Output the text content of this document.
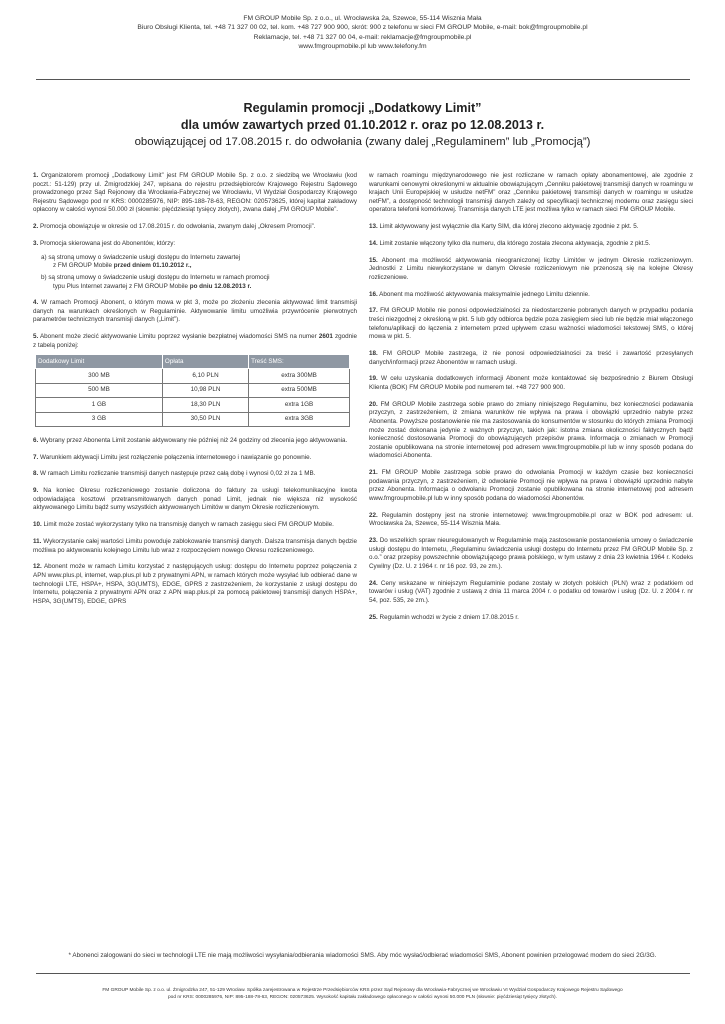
FM GROUP Mobile Sp. z o.o., ul. Wrocławska 2a, Szewce, 55-114 Wisznia Mała
Biuro Obsługi Klienta, tel. +48 71 327 00 02, tel. kom. +48 727 900 900, skrót: 900 z telefonu w sieci FM GROUP Mobile, e-mail: bok@fmgroupmobile.pl
Reklamacje, tel. +48 71 327 00 04, e-mail: reklamacje@fmgroupmobile.pl
www.fmgroupmobile.pl lub www.telefony.fm
Regulamin promocji „Dodatkowy Limit”
dla umów zawartych przed 01.10.2012 r. oraz po 12.08.2013 r.
obowiązującej od 17.08.2015 r. do odwołania (zwany dalej „Regulaminem” lub „Promocją”)

1. Organizatorem promocji „Dodatkowy Limit” jest FM GROUP Mobile Sp. z o.o. z siedzibą we Wrocławiu (kod poczt.: 51-129) przy ul. Żmigrodzkiej 247, wpisana do rejestru przedsiębiorców Krajowego Rejestru Sądowego prowadzonego przez Sąd Rejonowy dla Wrocławia-Fabrycznej we Wrocławiu, VI Wydział Gospodarczy Krajowego Rejestru Sądowego pod nr KRS: 0000285976, NIP: 895-188-78-63, REGON: 020573625, której kapitał zakładowy opłacony w całości wynosi 50.000 zł (słownie: pięćdziesiąt tysięcy złotych), zwana dalej „FM GROUP Mobile”.

2. Promocja obowiązuje w okresie od 17.08.2015 r. do odwołania, zwanym dalej „Okresem Promocji”.

3. Promocja skierowana jest do Abonentów, którzy:

a) są stroną umowy o świadczenie usługi dostępu do Internetu zawartej
z FM GROUP Mobile przed dniem 01.10.2012 r.,

b) są stroną umowy o świadczenie usługi dostępu do Internetu w ramach promocji
typu Plus Internet zawartej z FM GROUP Mobile po dniu 12.08.2013 r.

4. W ramach Promocji Abonent, o którym mowa w pkt 3, może po złożeniu zlecenia aktywować limit transmisji danych na warunkach określonych w Regulaminie. Aktywowanie limitu umożliwia przywrócenie pierwotnych parametrów technicznych transmisji danych („Limit”).

5. Abonent może zlecić aktywowanie Limitu poprzez wysłanie bezpłatnej wiadomości SMS na numer 2601 zgodnie z tabelą poniżej:

Dodatkowy Limit	Opłata	Treść SMS:
300 MB	6,10 PLN	extra 300MB
500 MB	10,98 PLN	extra 500MB
1 GB	18,30 PLN	extra 1GB
3 GB	30,50 PLN	extra 3GB

6. Wybrany przez Abonenta Limit zostanie aktywowany nie później niż 24 godziny od zlecenia jego aktywowania.

7. Warunkiem aktywacji Limitu jest rozłączenie połączenia internetowego i nawiązanie go ponownie.

8. W ramach Limitu rozliczanie transmisji danych następuje przez całą dobę i wynosi 0,02 zł za 1 MB.

9. Na koniec Okresu rozliczeniowego zostanie doliczona do faktury za usługi telekomunikacyjne kwota odpowiadająca kosztowi przetransmitowanych danych ponad Limit, jednak nie większa niż wysokość aktywowanego Limitu bądź sumy wszystkich aktywowanych Limitów w danym Okresie rozliczeniowym.

10. Limit może zostać wykorzystany tylko na transmisję danych w ramach zasięgu sieci FM GROUP Mobile.

11. Wykorzystanie całej wartości Limitu powoduje zablokowanie transmisji danych. Dalsza transmisja danych będzie możliwa po aktywowaniu kolejnego Limitu lub wraz z rozpoczęciem nowego Okresu rozliczeniowego.

12. Abonent może w ramach Limitu korzystać z następujących usług: dostępu do Internetu poprzez połączenia z APN www.plus.pl, internet, wap.plus.pl lub z prywatnymi APN, w ramach których może wysyłać lub odbierać dane w technologii LTE, HSPA+, HSPA, 3G(UMTS), EDGE, GPRS z zastrzeżeniem, że korzystanie z usługi dostępu do Internetu, połączenia z prywatnymi APN oraz z APN wap.plus.pl za pomocą pakietowej transmisji danych HSPA+, HSPA, 3G(UMTS), EDGE, GPRS

w ramach roamingu międzynarodowego nie jest rozliczane w ramach opłaty abonamentowej, ale zgodnie z warunkami cenowymi określonymi w aktualnie obowiązującym „Cenniku pakietowej transmisji danych w roamingu w krajach Unii Europejskiej w usłudze netFM” oraz „Cenniku pakietowej transmisji danych w roamingu w usłudze netFM”, a dostępność technologii transmisji danych zależy od specyfikacji technicznej modemu oraz zasięgu sieci operatora telefonii komórkowej. Transmisja danych LTE jest możliwa tylko w ramach sieci FM GROUP Mobile.

13. Limit aktywowany jest wyłącznie dla Karty SIM, dla której zlecono aktywację zgodnie z pkt. 5.

14. Limit zostanie włączony tylko dla numeru, dla którego została zlecona aktywacja, zgodnie z pkt.5.

15. Abonent ma możliwość aktywowania nieograniczonej liczby Limitów w jednym Okresie rozliczeniowym. Jednostki z Limitu niewykorzystane w danym Okresie rozliczeniowym nie przenoszą się na kolejne Okresy rozliczeniowe.

16. Abonent ma możliwość aktywowania maksymalnie jednego Limitu dziennie.

17. FM GROUP Mobile nie ponosi odpowiedzialności za niedostarczenie pobranych danych w przypadku podania treści niezgodnej z określoną w pkt. 5 lub gdy odbiorca będzie poza zasięgiem sieci lub nie będzie miał włączonego telefonu/aplikacji do łączenia z internetem przed upływem czasu ważności wiadomości tekstowej SMS, o której mowa w pkt. 5.

18. FM GROUP Mobile zastrzega, iż nie ponosi odpowiedzialności za treść i zawartość przesyłanych danych/informacji przez Abonentów w ramach usługi.

19. W celu uzyskania dodatkowych informacji Abonent może kontaktować się bezpośrednio z Biurem Obsługi Klienta (BOK) FM GROUP Mobile pod numerem tel. +48 727 900 900.

20. FM GROUP Mobile zastrzega sobie prawo do zmiany niniejszego Regulaminu, bez konieczności podawania przyczyn, z zastrzeżeniem, iż zmiana warunków nie wpływa na prawa i obowiązki uprzednio nabyte przez Abonenta. Powyższe postanowienie nie ma zastosowania do konsumentów w stosunku do których zmiana Promocji może zostać dokonana jedynie z ważnych przyczyn, takich jak: istotna zmiana okoliczności faktycznych bądź konieczność dostosowania Promocji do obowiązujących przepisów prawa. Informacja o zmianach w Promocji zostanie opublikowana na stronie internetowej pod adresem www.fmgroupmobile.pl lub w inny sposób podana do wiadomości Abonenta.

21. FM GROUP Mobile zastrzega sobie prawo do odwołania Promocji w każdym czasie bez konieczności podawania przyczyn, z zastrzeżeniem, iż odwołanie Promocji nie wpływa na prawa i obowiązki uprzednio nabyte przez Abonenta. Informacja o odwołaniu Promocji zostanie opublikowana na stronie internetowej pod adresem www.fmgroupmobile.pl lub w inny sposób podana do wiadomości Abonentów.

22. Regulamin dostępny jest na stronie internetowej: www.fmgroupmobile.pl oraz w BOK pod adresem: ul. Wrocławska 2a, Szewce, 55-114 Wisznia Mała.

23. Do wszelkich spraw nieuregulowanych w Regulaminie mają zastosowanie postanowienia umowy o świadczenie usługi dostępu do Internetu, „Regulaminu świadczenia usługi dostępu do Internetu przez FM GROUP Mobile Sp. z o.o.” oraz przepisy powszechnie obowiązującego prawa polskiego, w tym ustawy z dnia 23 kwietnia 1964 r. Kodeks Cywilny (Dz. U. z 1964 r. nr 16 poz. 93, ze zm.).

24. Ceny wskazane w niniejszym Regulaminie podane zostały w złotych polskich (PLN) wraz z podatkiem od towarów i usług (VAT) zgodnie z ustawą z dnia 11 marca 2004 r. o podatku od towarów i usług (Dz. U. z 2004 r. nr 54, poz. 535, ze zm.).

25. Regulamin wchodzi w życie z dniem 17.08.2015 r.

* Abonenci zalogowani do sieci w technologii LTE nie mają możliwości wysyłania/odbierania wiadomości SMS. Aby móc wysłać/odbierać wiadomości SMS, Abonent powinien przelogować modem do sieci 2G/3G.
FM GROUP Mobile Sp. z o.o. ul. Żmigrodzka 247, 51-129 Wrocław. Spółka zarejestrowana w Rejestrze Przedsiębiorców KRS przez Sąd Rejonowy dla Wrocławia-Fabrycznej we Wrocławiu VI Wydział Gospodarczy Krajowego Rejestru Sądowego
pod nr KRS: 0000285976, NIP: 895-188-78-63, REGON: 020573625. Wysokość kapitału zakładowego opłaconego w całości wynosi 50.000 PLN (słownie: pięćdziesiąt tysięcy złotych).
